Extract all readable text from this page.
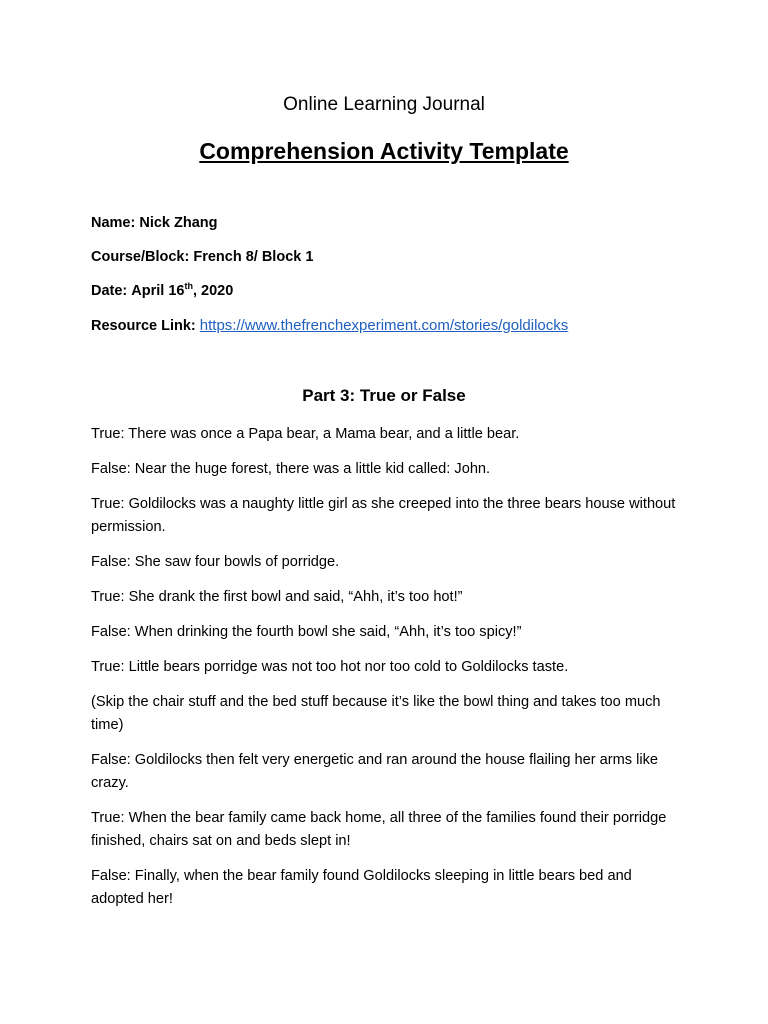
Online Learning Journal
Comprehension Activity Template
Name: Nick Zhang
Course/Block: French 8/ Block 1
Date: April 16th, 2020
Resource Link: https://www.thefrenchexperiment.com/stories/goldilocks
Part 3: True or False

True: There was once a Papa bear, a Mama bear, and a little bear.

False: Near the huge forest, there was a little kid called: John.

True: Goldilocks was a naughty little girl as she creeped into the three bears house without permission.

False: She saw four bowls of porridge.

True: She drank the first bowl and said, “Ahh, it’s too hot!”

False: When drinking the fourth bowl she said, “Ahh, it’s too spicy!”

True: Little bears porridge was not too hot nor too cold to Goldilocks taste.

(Skip the chair stuff and the bed stuff because it’s like the bowl thing and takes too much time)

False: Goldilocks then felt very energetic and ran around the house flailing her arms like crazy.

True: When the bear family came back home, all three of the families found their porridge finished, chairs sat on and beds slept in!

False: Finally, when the bear family found Goldilocks sleeping in little bears bed and adopted her!
